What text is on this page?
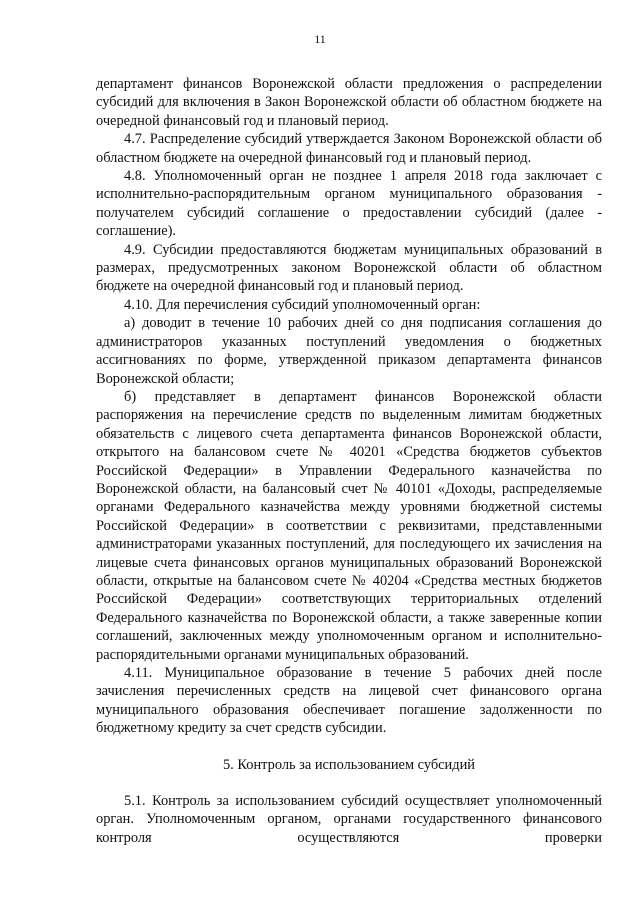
11

департамент финансов Воронежской области предложения о распределении субсидий для включения в Закон Воронежской области об областном бюджете на очередной финансовый год и плановый период.

4.7. Распределение субсидий утверждается Законом Воронежской области об областном бюджете на очередной финансовый год и плановый период.

4.8. Уполномоченный орган не позднее 1 апреля 2018 года заключает с исполнительно-распорядительным органом муниципального образования - получателем субсидий соглашение о предоставлении субсидий (далее - соглашение).

4.9. Субсидии предоставляются бюджетам муниципальных образований в размерах, предусмотренных законом Воронежской области об областном бюджете на очередной финансовый год и плановый период.

4.10. Для перечисления субсидий уполномоченный орган:

а) доводит в течение 10 рабочих дней со дня подписания соглашения до администраторов указанных поступлений уведомления о бюджетных ассигнованиях по форме, утвержденной приказом департамента финансов Воронежской области;

б) представляет в департамент финансов Воронежской области распоряжения на перечисление средств по выделенным лимитам бюджетных обязательств с лицевого счета департамента финансов Воронежской области, открытого на балансовом счете № 40201 «Средства бюджетов субъектов Российской Федерации» в Управлении Федерального казначейства по Воронежской области, на балансовый счет № 40101 «Доходы, распределяемые органами Федерального казначейства между уровнями бюджетной системы Российской Федерации» в соответствии с реквизитами, представленными администраторами указанных поступлений, для последующего их зачисления на лицевые счета финансовых органов муниципальных образований Воронежской области, открытые на балансовом счете № 40204 «Средства местных бюджетов Российской Федерации» соответствующих территориальных отделений Федерального казначейства по Воронежской области, а также заверенные копии соглашений, заключенных между уполномоченным органом и исполнительно-распорядительными органами муниципальных образований.

4.11. Муниципальное образование в течение 5 рабочих дней после зачисления перечисленных средств на лицевой счет финансового органа муниципального образования обеспечивает погашение задолженности по бюджетному кредиту за счет средств субсидии.

5. Контроль за использованием субсидий

5.1. Контроль за использованием субсидий осуществляет уполномоченный орган. Уполномоченным органом, органами государственного финансового контроля осуществляются проверки
